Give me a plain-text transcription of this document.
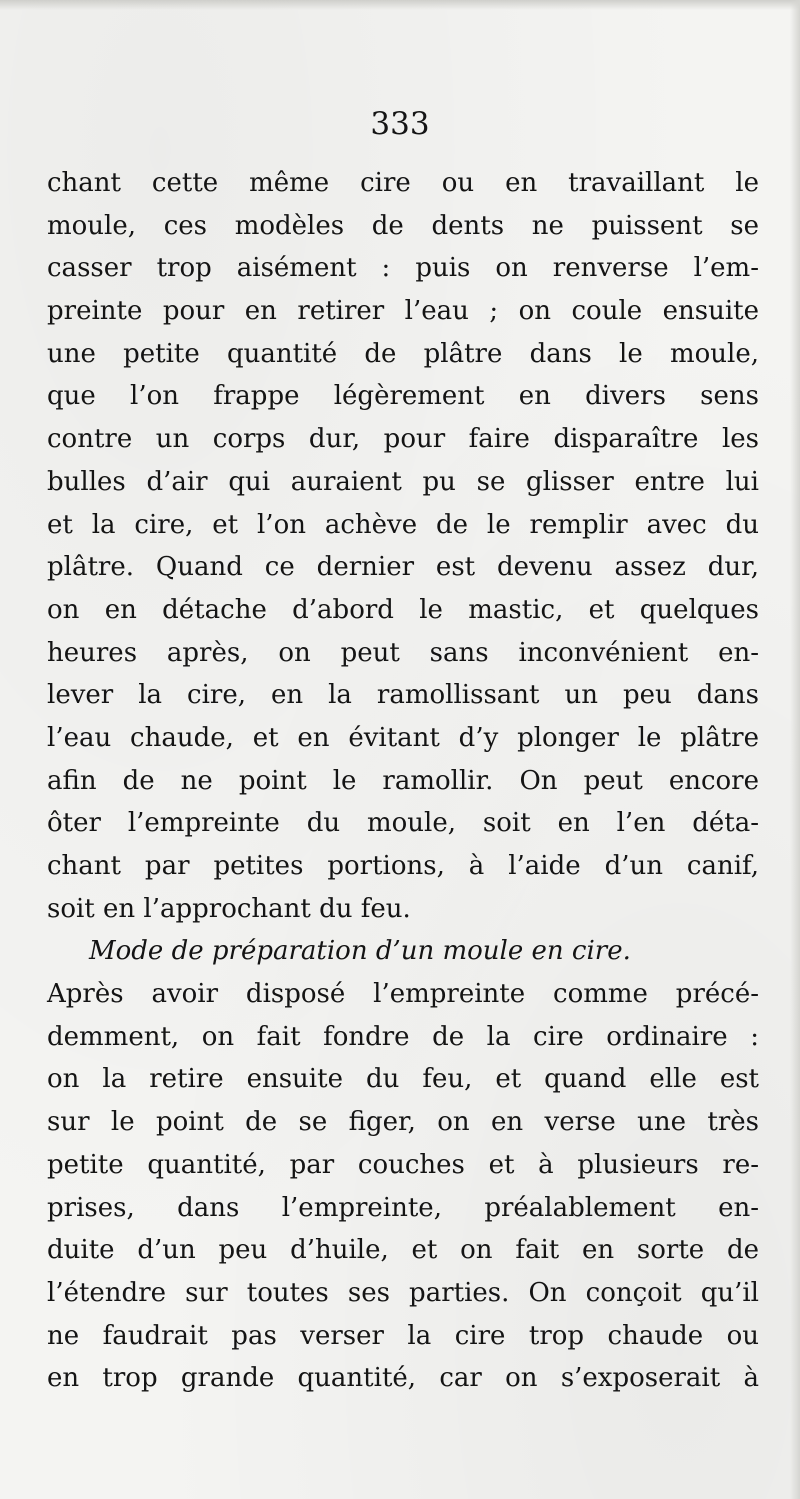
333
chant cette même cire ou en travaillant le
moule, ces modèles de dents ne puissent se
casser trop aisément : puis on renverse l’em-
preinte pour en retirer l’eau ; on coule ensuite
une petite quantité de plâtre dans le moule,
que l’on frappe légèrement en divers sens
contre un corps dur, pour faire disparaître les
bulles d’air qui auraient pu se glisser entre lui
et la cire, et l’on achève de le remplir avec du
plâtre. Quand ce dernier est devenu assez dur,
on en détache d’abord le mastic, et quelques
heures après, on peut sans inconvénient en-
lever la cire, en la ramollissant un peu dans
l’eau chaude, et en évitant d’y plonger le plâtre
afin de ne point le ramollir. On peut encore
ôter l’empreinte du moule, soit en l’en déta-
chant par petites portions, à l’aide d’un canif,
soit en l’approchant du feu.
Mode de préparation d’un moule en cire.
Après avoir disposé l’empreinte comme précé-
demment, on fait fondre de la cire ordinaire :
on la retire ensuite du feu, et quand elle est
sur le point de se figer, on en verse une très
petite quantité, par couches et à plusieurs re-
prises, dans l’empreinte, préalablement en-
duite d’un peu d’huile, et on fait en sorte de
l’étendre sur toutes ses parties. On conçoit qu’il
ne faudrait pas verser la cire trop chaude ou
en trop grande quantité, car on s’exposerait à
